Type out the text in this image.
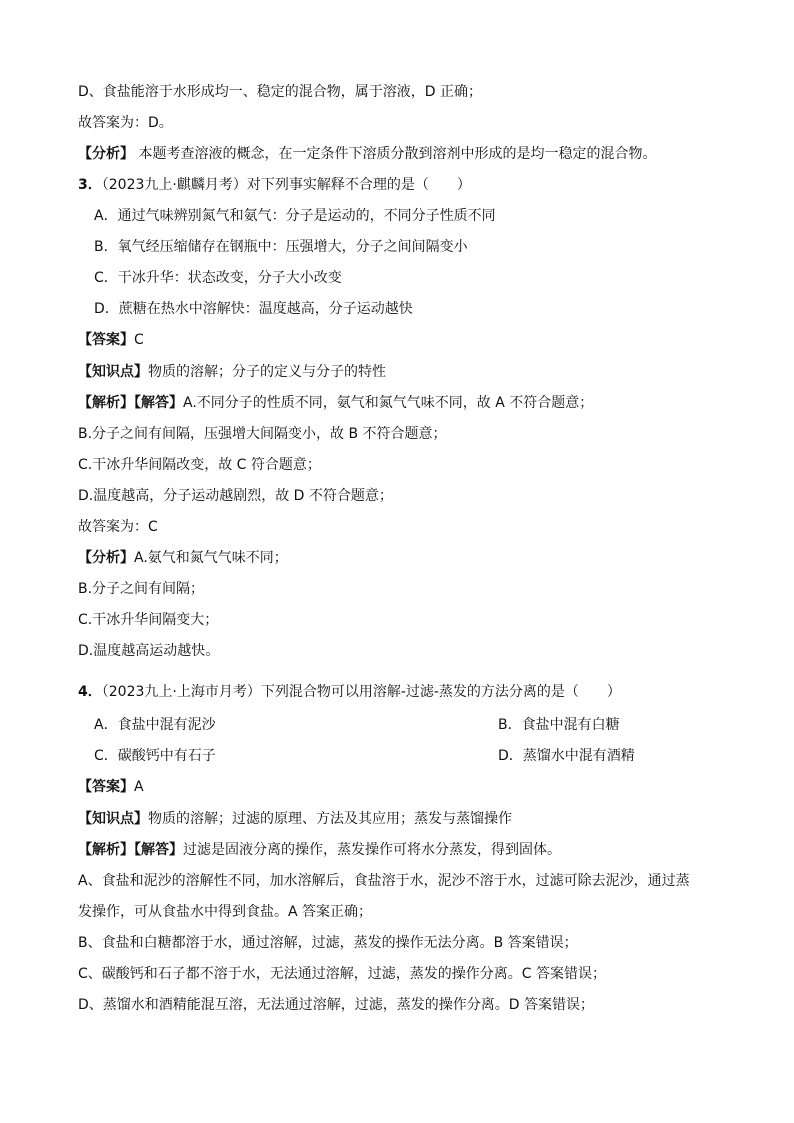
D、食盐能溶于水形成均一、稳定的混合物，属于溶液，D 正确；
故答案为：D。
【分析】 本题考查溶液的概念，在一定条件下溶质分散到溶剂中形成的是均一稳定的混合物。
3．（2023九上·麒麟月考）对下列事实解释不合理的是（　　）
A．通过气味辨别氮气和氨气：分子是运动的，不同分子性质不同
B．氧气经压缩储存在钢瓶中：压强增大，分子之间间隔变小
C．干冰升华：状态改变，分子大小改变
D．蔗糖在热水中溶解快：温度越高，分子运动越快
【答案】C
【知识点】物质的溶解；分子的定义与分子的特性
【解析】【解答】A.不同分子的性质不同，氨气和氮气气味不同，故 A 不符合题意；
B.分子之间有间隔，压强增大间隔变小，故 B 不符合题意；
C.干冰升华间隔改变，故 C 符合题意；
D.温度越高，分子运动越剧烈，故 D 不符合题意；
故答案为：C
【分析】A.氨气和氮气气味不同；
B.分子之间有间隔；
C.干冰升华间隔变大；
D.温度越高运动越快。
4．（2023九上·上海市月考）下列混合物可以用溶解-过滤-蒸发的方法分离的是（　　）
A．食盐中混有泥沙	B．食盐中混有白糖
C．碳酸钙中有石子	D．蒸馏水中混有酒精
【答案】A
【知识点】物质的溶解；过滤的原理、方法及其应用；蒸发与蒸馏操作
【解析】【解答】过滤是固液分离的操作，蒸发操作可将水分蒸发，得到固体。
A、食盐和泥沙的溶解性不同，加水溶解后，食盐溶于水，泥沙不溶于水，过滤可除去泥沙，通过蒸
发操作，可从食盐水中得到食盐。A 答案正确；
B、食盐和白糖都溶于水，通过溶解，过滤，蒸发的操作无法分离。B 答案错误；
C、碳酸钙和石子都不溶于水，无法通过溶解，过滤，蒸发的操作分离。C 答案错误；
D、蒸馏水和酒精能混互溶，无法通过溶解，过滤，蒸发的操作分离。D 答案错误；
